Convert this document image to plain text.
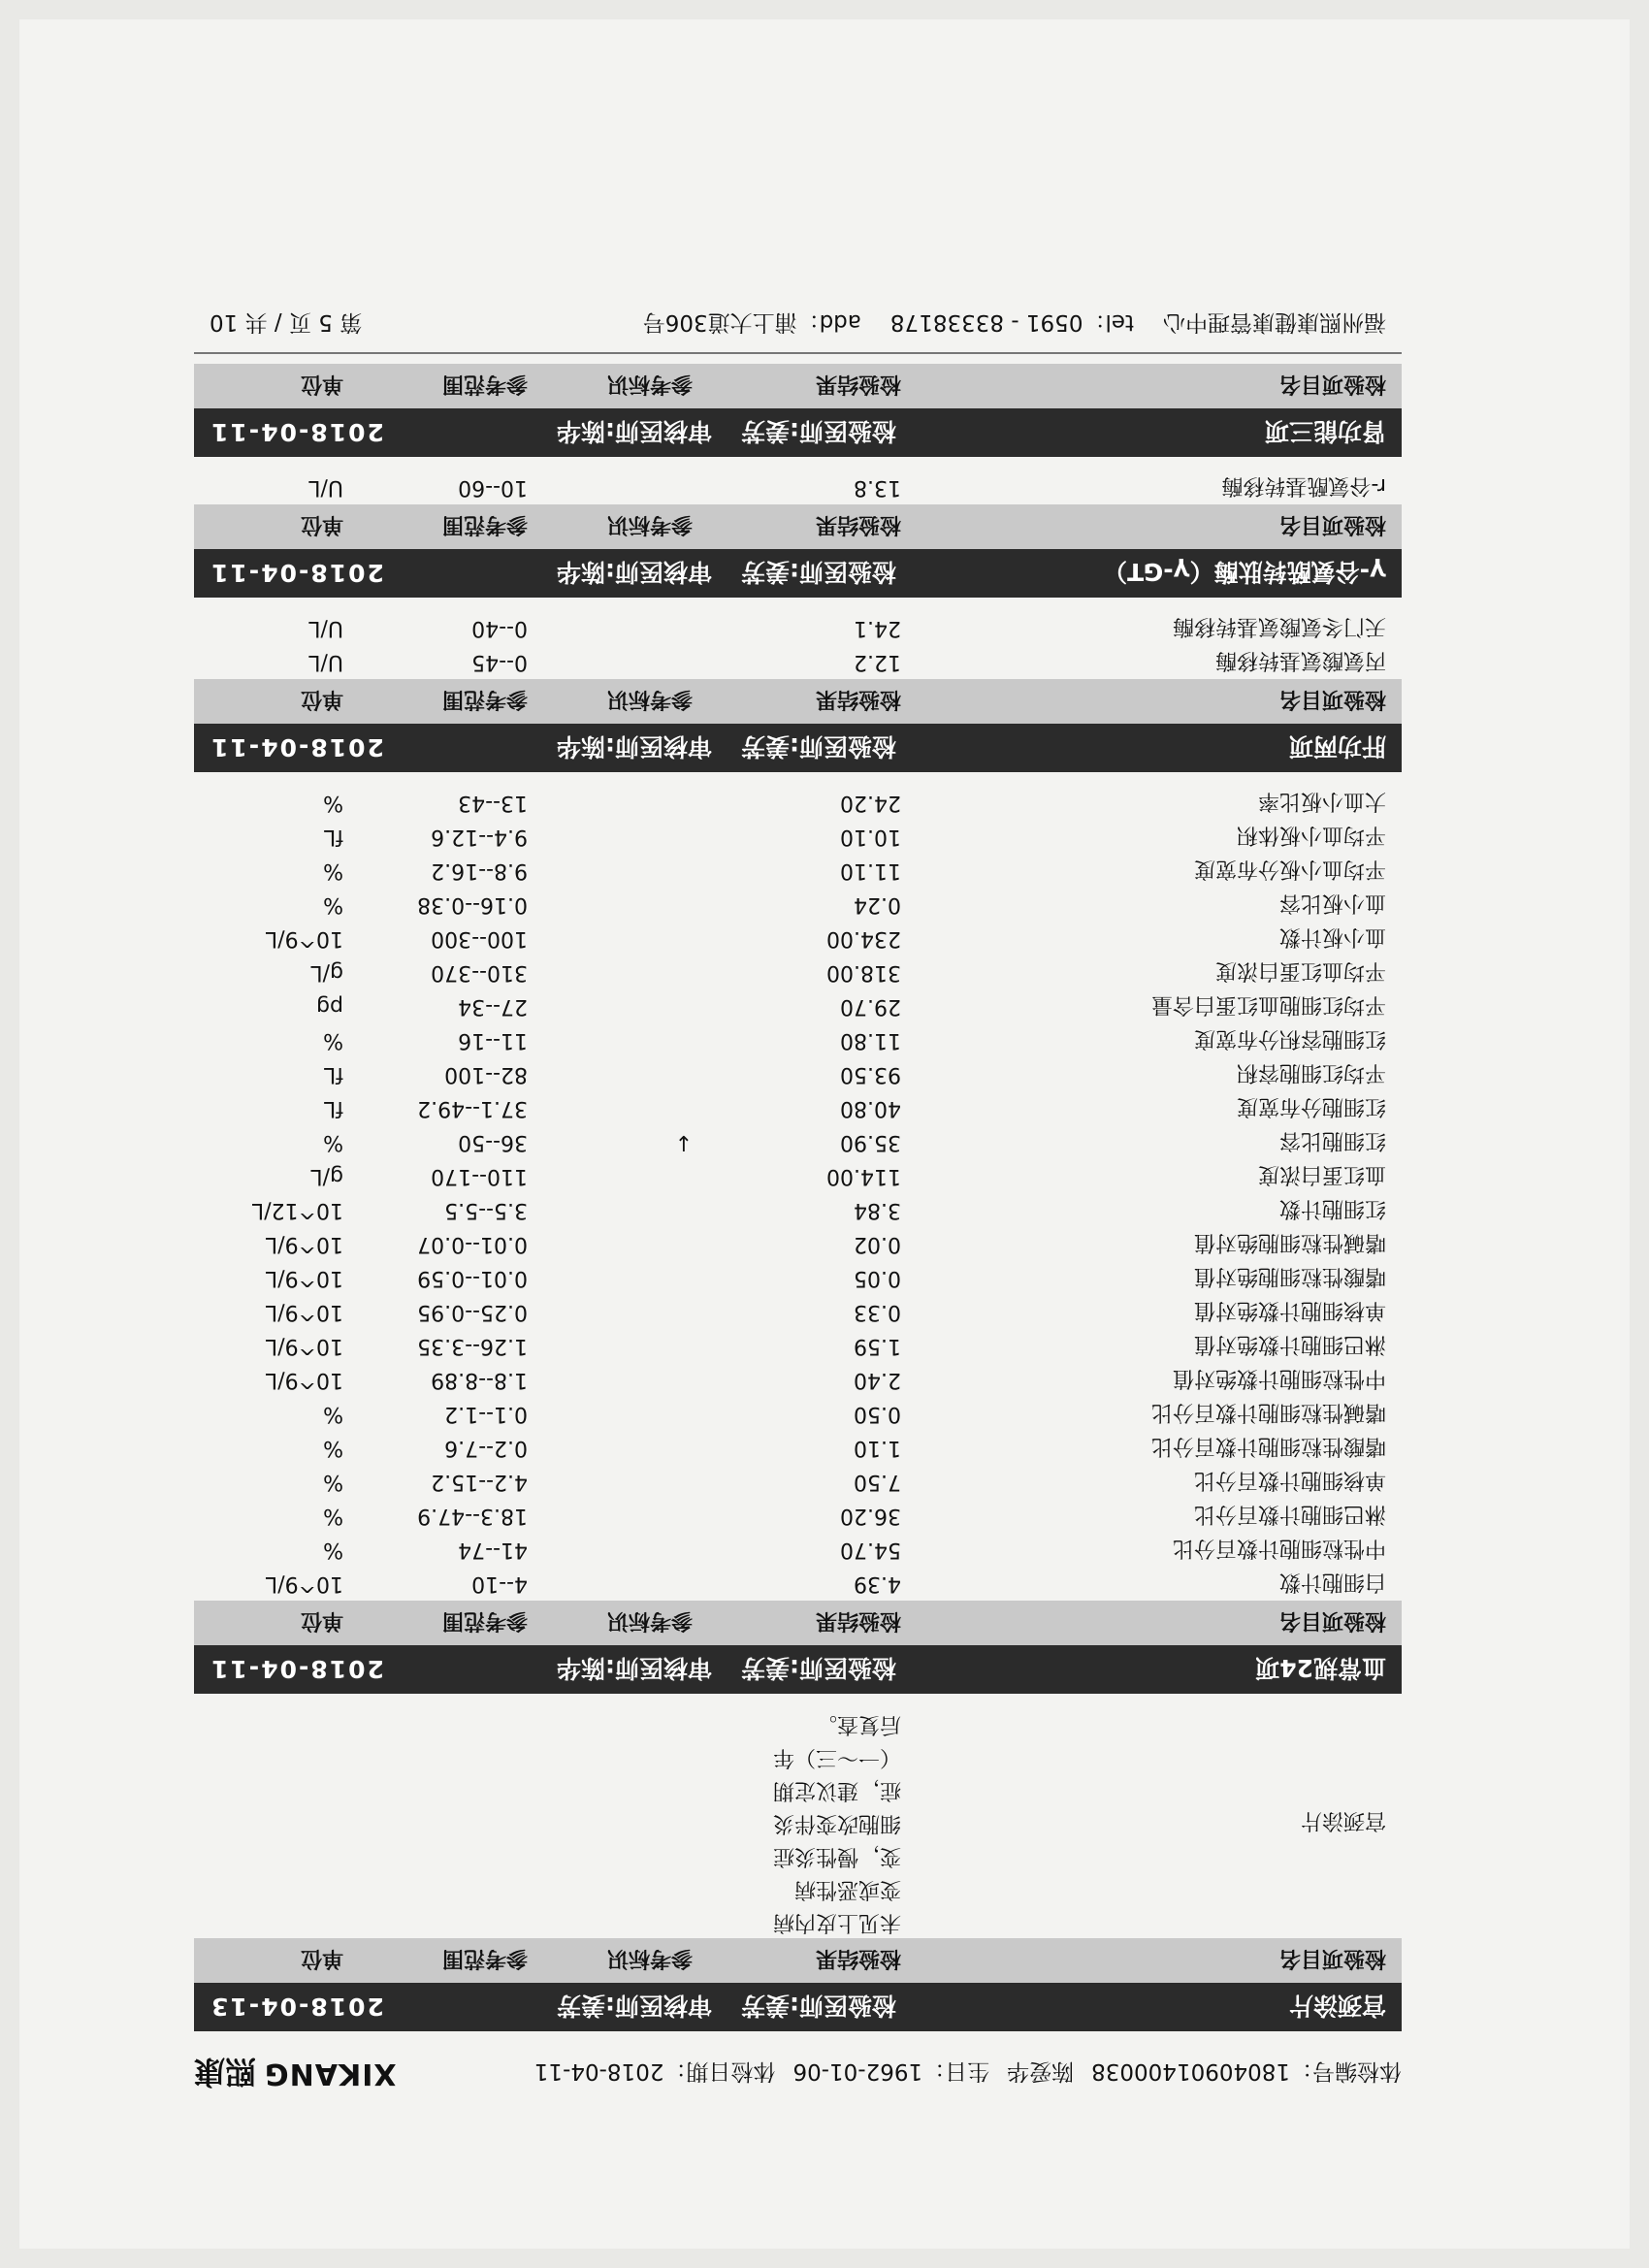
体检编号：18040901400038
陈爱华
生日：1962-01-06
体检日期：2018-04-11
XIKANG
熙康
宫颈涂片
检验医师:姜芳
审核医师:姜芳
2018-04-13
检验项目名
检验结果
参考标识
参考范围
单位
宫颈涂片
未见上皮内病
变或恶性病
变，慢性炎症
细胞改变伴炎
症，建议定期
（一～三）年
后复查。
血常规24项
检验医师:姜芳
审核医师:陈华
2018-04-11
检验项目名
检验结果
参考标识
参考范围
单位
白细胞计数
4.39
4--10
10^9/L
中性粒细胞计数百分比
54.70
41--74
%
淋巴细胞计数百分比
36.20
18.3--47.9
%
单核细胞计数百分比
7.50
4.2--15.2
%
嗜酸性粒细胞计数百分比
1.10
0.2--7.6
%
嗜碱性粒细胞计数百分比
0.50
0.1--1.2
%
中性粒细胞计数绝对值
2.40
1.8--8.89
10^9/L
淋巴细胞计数绝对值
1.59
1.26--3.35
10^9/L
单核细胞计数绝对值
0.33
0.25--0.95
10^9/L
嗜酸性粒细胞绝对值
0.05
0.01--0.59
10^9/L
嗜碱性粒细胞绝对值
0.02
0.01--0.07
10^9/L
红细胞计数
3.84
3.5--5.5
10^12/L
血红蛋白浓度
114.00
110--170
g/L
红细胞比容
35.90
↓
36--50
%
红细胞分布宽度
40.80
37.1--49.2
fL
平均红细胞容积
93.50
82--100
fL
红细胞容积分布宽度
11.80
11--16
%
平均红细胞血红蛋白含量
29.70
27--34
pg
平均血红蛋白浓度
318.00
310--370
g/L
血小板计数
234.00
100--300
10^9/L
血小板比容
0.24
0.16--0.38
%
平均血小板分布宽度
11.10
9.8--16.2
%
平均血小板体积
10.10
9.4--12.6
fL
大血小板比率
24.20
13--43
%
肝功两项
检验医师:姜芳
审核医师:陈华
2018-04-11
检验项目名
检验结果
参考标识
参考范围
单位
丙氨酸氨基转移酶
12.2
0--45
U/L
天门冬氨酸氨基转移酶
24.1
0--40
U/L
γ-谷氨酰转肽酶（γ-GT）
检验医师:姜芳
审核医师:陈华
2018-04-11
检验项目名
检验结果
参考标识
参考范围
单位
r-谷氨酰基转移酶
13.8
10--60
U/L
肾功能三项
检验医师:姜芳
审核医师:陈华
2018-04-11
检验项目名
检验结果
参考标识
参考范围
单位
福州熙康健康管理中心
tel：0591 - 83338178
add：浦上大道306号
第 5 页 / 共 10
